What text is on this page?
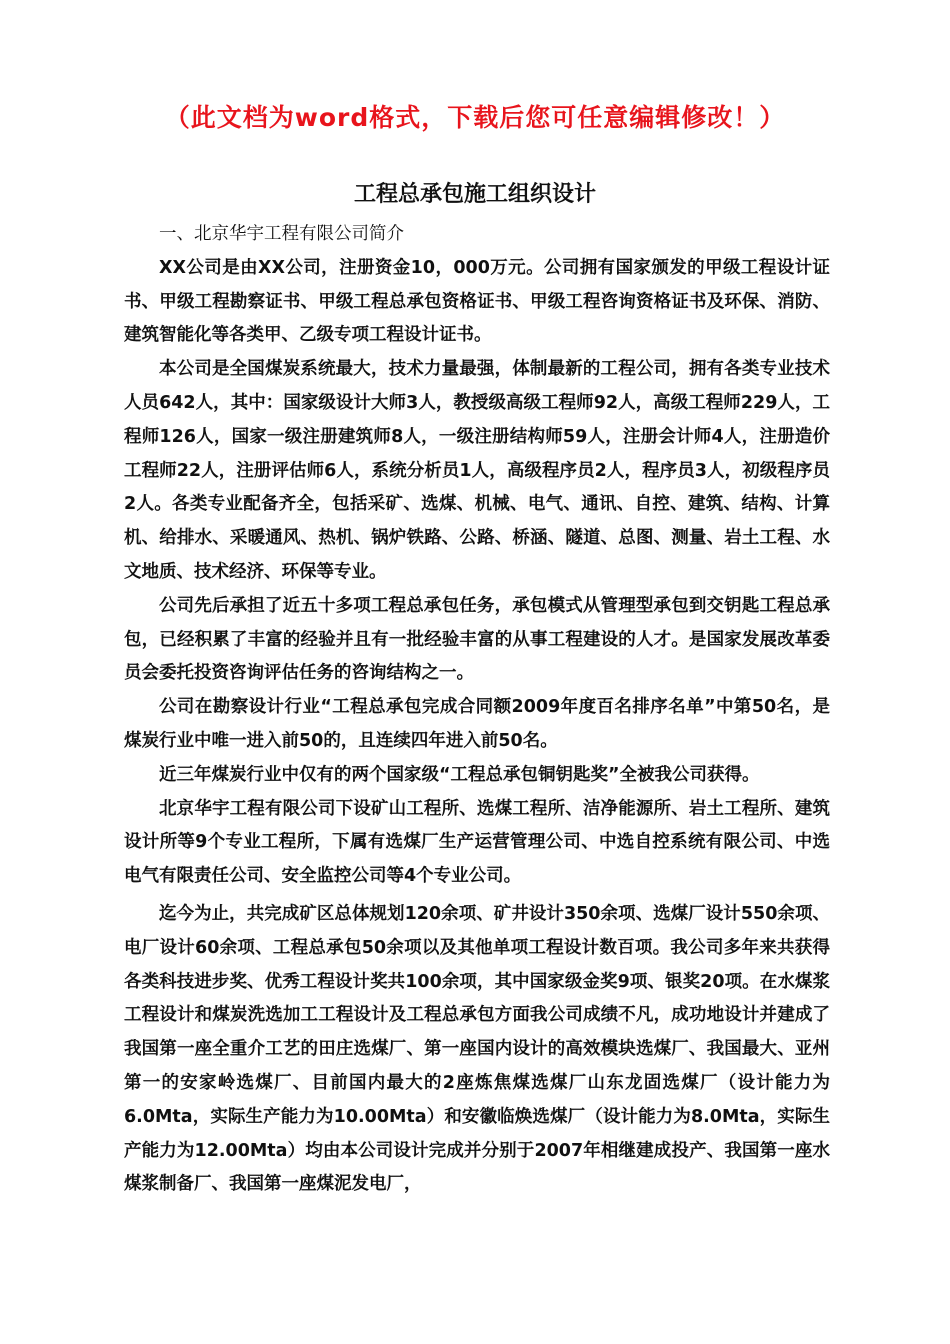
（此文档为word格式，下载后您可任意编辑修改！）
工程总承包施工组织设计

一、北京华宇工程有限公司简介

XX公司是由XX公司，注册资金10，000万元。公司拥有国家颁发的甲级工程设计证书、甲级工程勘察证书、甲级工程总承包资格证书、甲级工程咨询资格证书及环保、消防、建筑智能化等各类甲、乙级专项工程设计证书。

本公司是全国煤炭系统最大，技术力量最强，体制最新的工程公司，拥有各类专业技术人员642人，其中：国家级设计大师3人，教授级高级工程师92人，高级工程师229人，工程师126人，国家一级注册建筑师8人，一级注册结构师59人，注册会计师4人，注册造价工程师22人，注册评估师6人，系统分析员1人，高级程序员2人，程序员3人，初级程序员2人。各类专业配备齐全，包括采矿、选煤、机械、电气、通讯、自控、建筑、结构、计算机、给排水、采暖通风、热机、锅炉铁路、公路、桥涵、隧道、总图、测量、岩土工程、水文地质、技术经济、环保等专业。

公司先后承担了近五十多项工程总承包任务，承包模式从管理型承包到交钥匙工程总承包，已经积累了丰富的经验并且有一批经验丰富的从事工程建设的人才。是国家发展改革委员会委托投资咨询评估任务的咨询结构之一。

公司在勘察设计行业“工程总承包完成合同额2009年度百名排序名单”中第50名，是煤炭行业中唯一进入前50的，且连续四年进入前50名。

近三年煤炭行业中仅有的两个国家级“工程总承包铜钥匙奖”全被我公司获得。

北京华宇工程有限公司下设矿山工程所、选煤工程所、洁净能源所、岩土工程所、建筑设计所等9个专业工程所，下属有选煤厂生产运营管理公司、中选自控系统有限公司、中选电气有限责任公司、安全监控公司等4个专业公司。

迄今为止，共完成矿区总体规划120余项、矿井设计350余项、选煤厂设计550余项、电厂设计60余项、工程总承包50余项以及其他单项工程设计数百项。我公司多年来共获得各类科技进步奖、优秀工程设计奖共100余项，其中国家级金奖9项、银奖20项。在水煤浆工程设计和煤炭洗选加工工程设计及工程总承包方面我公司成绩不凡，成功地设计并建成了我国第一座全重介工艺的田庄选煤厂、第一座国内设计的高效模块选煤厂、我国最大、亚州第一的安家岭选煤厂、目前国内最大的2座炼焦煤选煤厂山东龙固选煤厂（设计能力为6.0Mta，实际生产能力为10.00Mta）和安徽临焕选煤厂（设计能力为8.0Mta，实际生产能力为12.00Mta）均由本公司设计完成并分别于2007年相继建成投产、我国第一座水煤浆制备厂、我国第一座煤泥发电厂，
